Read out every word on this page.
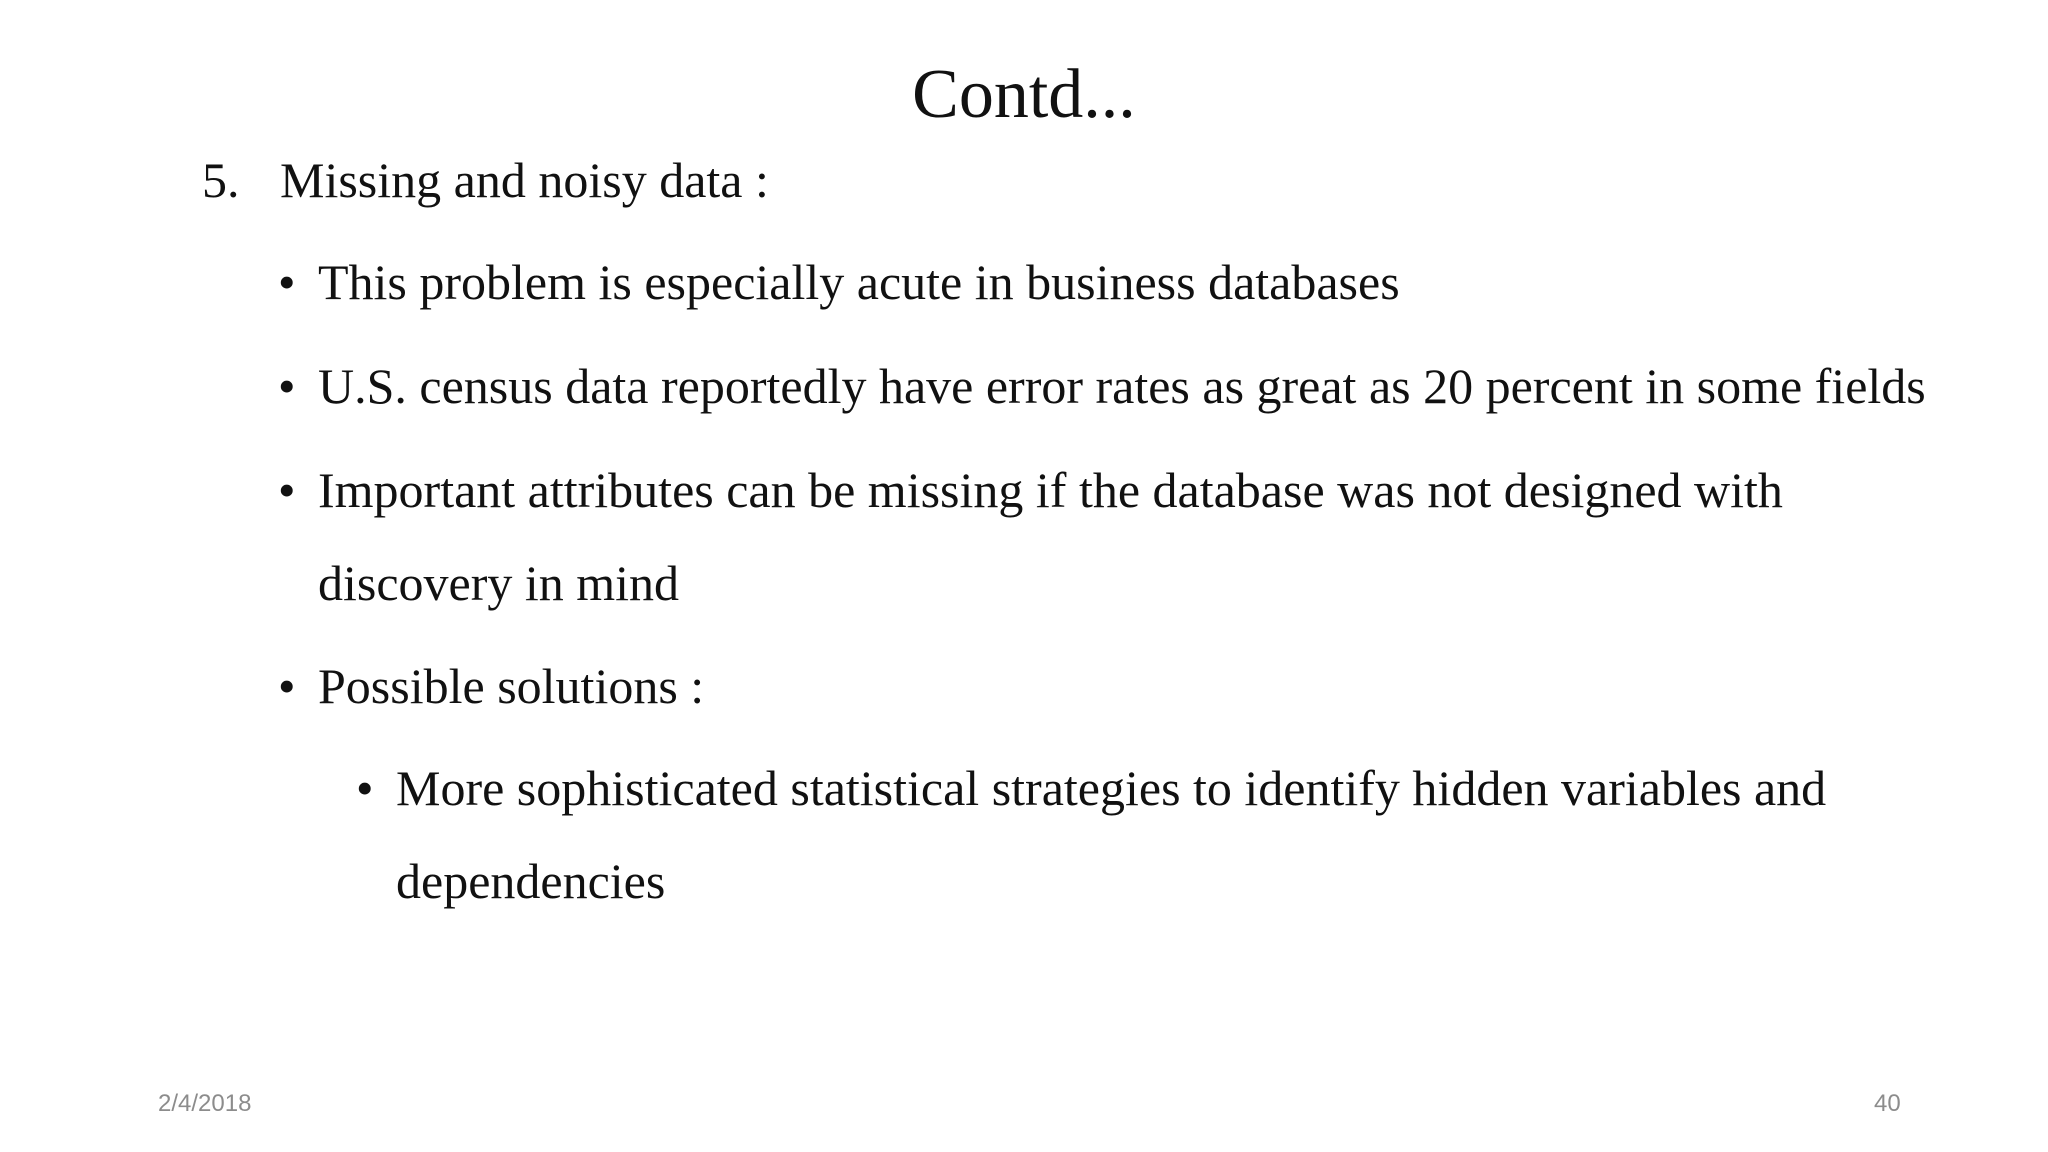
Contd...
5. Missing and noisy data :
• This problem is especially acute in business databases
• U.S. census data reportedly have error rates as great as 20 percent in some fields
• Important attributes can be missing if the database was not designed with discovery in mind
• Possible solutions :
• More sophisticated statistical strategies to identify hidden variables and dependencies
2/4/2018	40
